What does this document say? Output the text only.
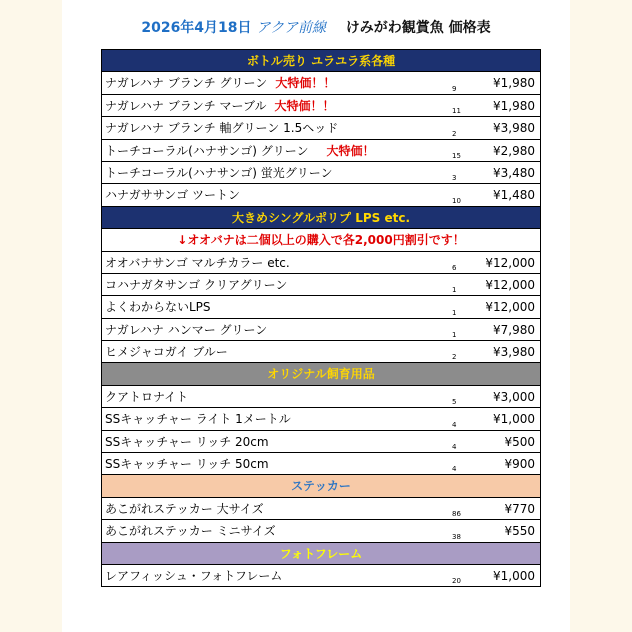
2026年4月18日 アクア前線 けみがわ観賞魚 価格表
ボトル売り ユラユラ系各種
ナガレハナ ブランチ グリーン 大特価！！	9	¥1,980
ナガレハナ ブランチ マーブル 大特価！！	11	¥1,980
ナガレハナ ブランチ 軸グリーン 1.5ヘッド	2	¥3,980
トーチコーラル(ハナサンゴ) グリーン 大特価！	15	¥2,980
トーチコーラル(ハナサンゴ) 蛍光グリーン	3	¥3,480
ハナガササンゴ ツートン	10	¥1,480
大きめシングルポリプ LPS etc.
↓オオバナは二個以上の購入で各2,000円割引です！
オオバナサンゴ マルチカラー etc.	6 ¥12,000
コハナガタサンゴ クリアグリーン	1 ¥12,000
よくわからないLPS	1 ¥12,000
ナガレハナ ハンマー グリーン	1	¥7,980
ヒメジャコガイ ブルー	2	¥3,980
オリジナル飼育用品
クアトロナイト	5	¥3,000
SSキャッチャー ライト 1メートル	4	¥1,000
SSキャッチャー リッチ 20cm	4	¥500
SSキャッチャー リッチ 50cm	4	¥900
ステッカー
あこがれステッカー 大サイズ	86	¥770
あこがれステッカー ミニサイズ	38	¥550
フォトフレーム
レアフィッシュ・フォトフレーム	20	¥1,000
